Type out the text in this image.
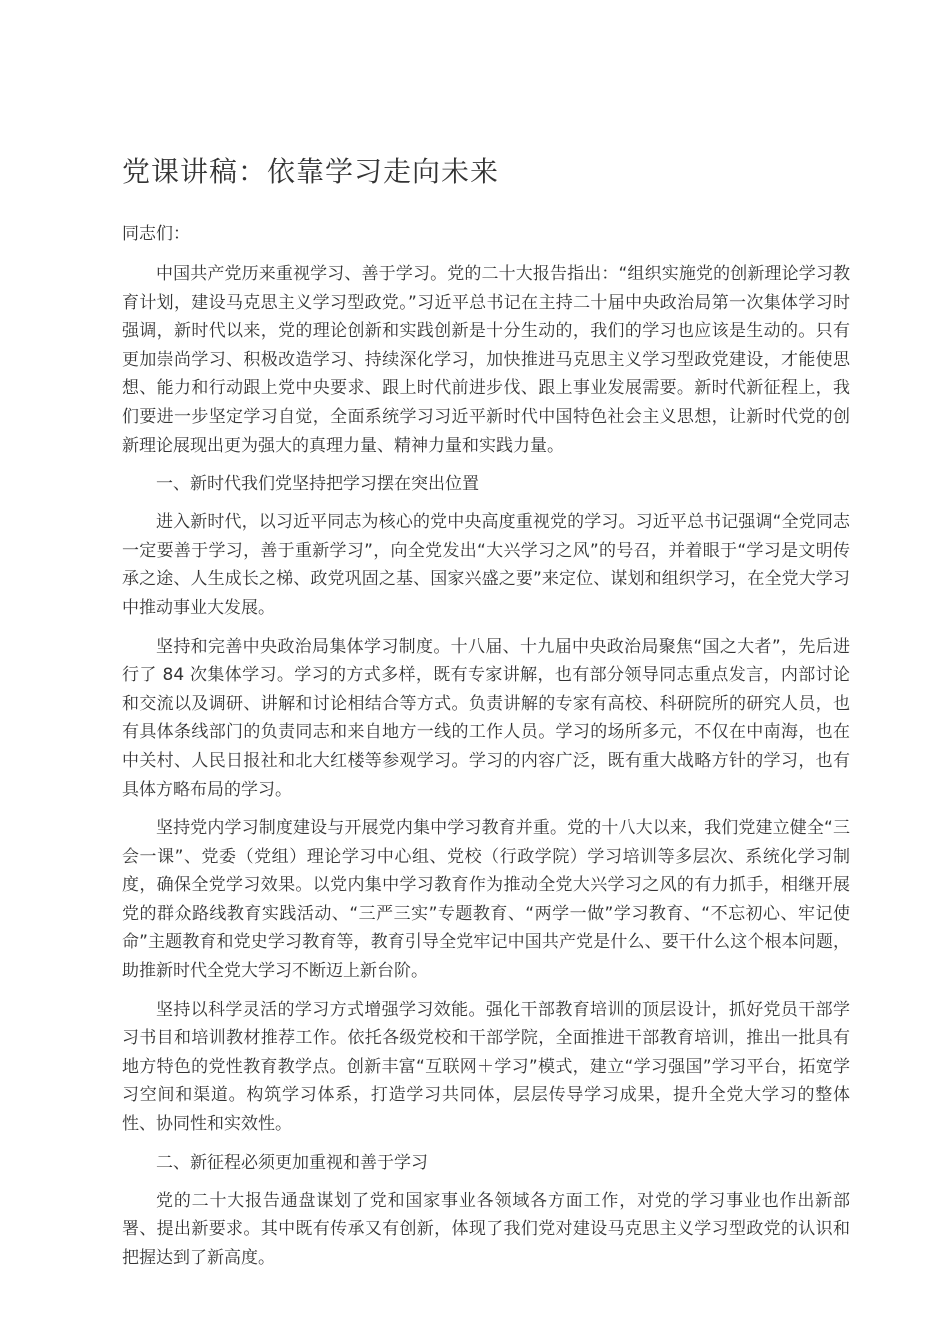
党课讲稿：依靠学习走向未来

同志们：

中国共产党历来重视学习、善于学习。党的二十大报告指出：“组织实施党的创新理论学习教育计划，建设马克思主义学习型政党。”习近平总书记在主持二十届中央政治局第一次集体学习时强调，新时代以来，党的理论创新和实践创新是十分生动的，我们的学习也应该是生动的。只有更加崇尚学习、积极改造学习、持续深化学习，加快推进马克思主义学习型政党建设，才能使思想、能力和行动跟上党中央要求、跟上时代前进步伐、跟上事业发展需要。新时代新征程上，我们要进一步坚定学习自觉，全面系统学习习近平新时代中国特色社会主义思想，让新时代党的创新理论展现出更为强大的真理力量、精神力量和实践力量。

一、新时代我们党坚持把学习摆在突出位置

进入新时代，以习近平同志为核心的党中央高度重视党的学习。习近平总书记强调“全党同志一定要善于学习，善于重新学习”，向全党发出“大兴学习之风”的号召，并着眼于“学习是文明传承之途、人生成长之梯、政党巩固之基、国家兴盛之要”来定位、谋划和组织学习，在全党大学习中推动事业大发展。

坚持和完善中央政治局集体学习制度。十八届、十九届中央政治局聚焦“国之大者”，先后进行了 84 次集体学习。学习的方式多样，既有专家讲解，也有部分领导同志重点发言，内部讨论和交流以及调研、讲解和讨论相结合等方式。负责讲解的专家有高校、科研院所的研究人员，也有具体条线部门的负责同志和来自地方一线的工作人员。学习的场所多元，不仅在中南海，也在中关村、人民日报社和北大红楼等参观学习。学习的内容广泛，既有重大战略方针的学习，也有具体方略布局的学习。

坚持党内学习制度建设与开展党内集中学习教育并重。党的十八大以来，我们党建立健全“三会一课”、党委（党组）理论学习中心组、党校（行政学院）学习培训等多层次、系统化学习制度，确保全党学习效果。以党内集中学习教育作为推动全党大兴学习之风的有力抓手，相继开展党的群众路线教育实践活动、“三严三实”专题教育、“两学一做”学习教育、“不忘初心、牢记使命”主题教育和党史学习教育等，教育引导全党牢记中国共产党是什么、要干什么这个根本问题，助推新时代全党大学习不断迈上新台阶。

坚持以科学灵活的学习方式增强学习效能。强化干部教育培训的顶层设计，抓好党员干部学习书目和培训教材推荐工作。依托各级党校和干部学院，全面推进干部教育培训，推出一批具有地方特色的党性教育教学点。创新丰富“互联网＋学习”模式，建立“学习强国”学习平台，拓宽学习空间和渠道。构筑学习体系，打造学习共同体，层层传导学习成果，提升全党大学习的整体性、协同性和实效性。

二、新征程必须更加重视和善于学习

党的二十大报告通盘谋划了党和国家事业各领域各方面工作，对党的学习事业也作出新部署、提出新要求。其中既有传承又有创新，体现了我们党对建设马克思主义学习型政党的认识和把握达到了新高度。
